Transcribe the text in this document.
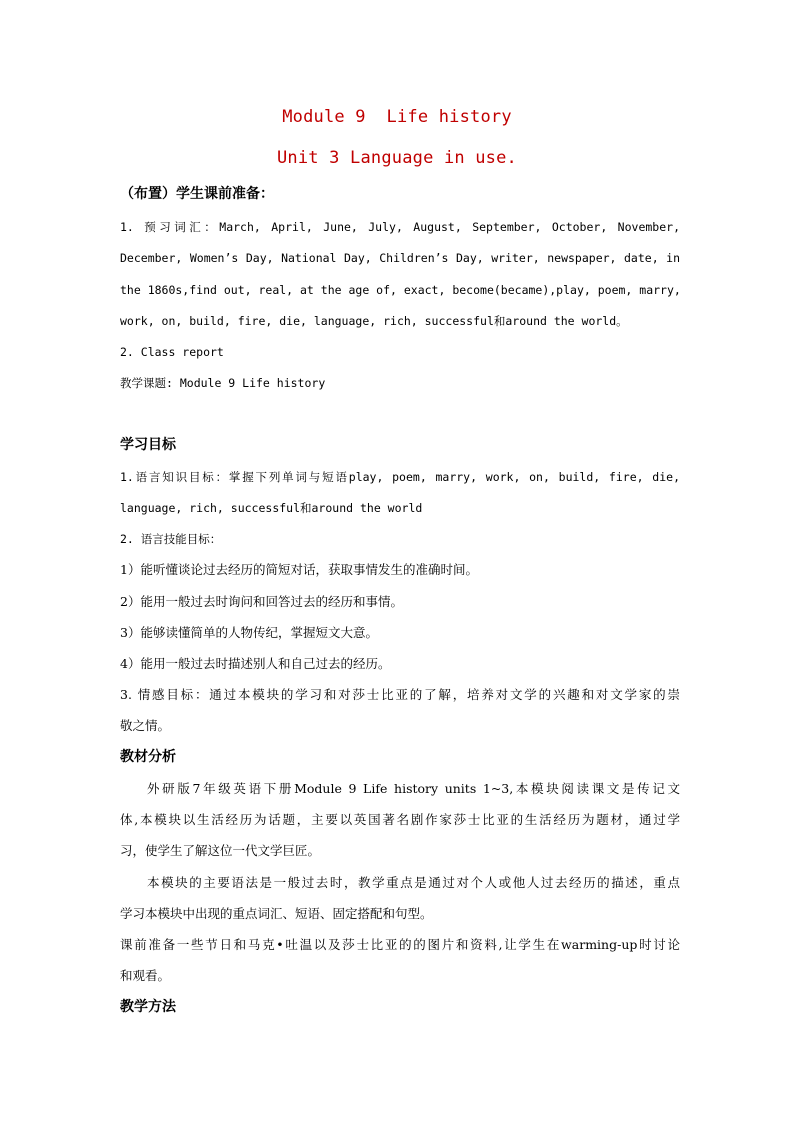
Module 9  Life history
Unit 3 Language in use.
（布置）学生课前准备：
1. 预习词汇：March, April, June, July, August, September, October, November,
December, Women’s Day, National Day, Children’s Day, writer, newspaper, date, in
the 1860s,find out, real, at the age of, exact, become(became),play, poem, marry,
work, on, build, fire, die, language, rich, successful和around the world。
2. Class report
教学课题: Module 9 Life history
学习目标
1.语言知识目标：掌握下列单词与短语play, poem, marry, work, on, build, fire, die,
language, rich, successful和around the world
2. 语言技能目标：
1）能听懂谈论过去经历的简短对话，获取事情发生的准确时间。
2）能用一般过去时询问和回答过去的经历和事情。
3）能够读懂简单的人物传纪，掌握短文大意。
4）能用一般过去时描述别人和自己过去的经历。
3. 情感目标：通过本模块的学习和对莎士比亚的了解，培养对文学的兴趣和对文学家的崇
敬之情。
教材分析
外研版7年级英语下册Module 9 Life history units 1~3,本模块阅读课文是传记文
体,本模块以生活经历为话题，主要以英国著名剧作家莎士比亚的生活经历为题材，通过学
习，使学生了解这位一代文学巨匠。
本模块的主要语法是一般过去时，教学重点是通过对个人或他人过去经历的描述，重点
学习本模块中出现的重点词汇、短语、固定搭配和句型。
课前准备一些节日和马克•吐温以及莎士比亚的的图片和资料,让学生在warming-up时讨论
和观看。
教学方法
